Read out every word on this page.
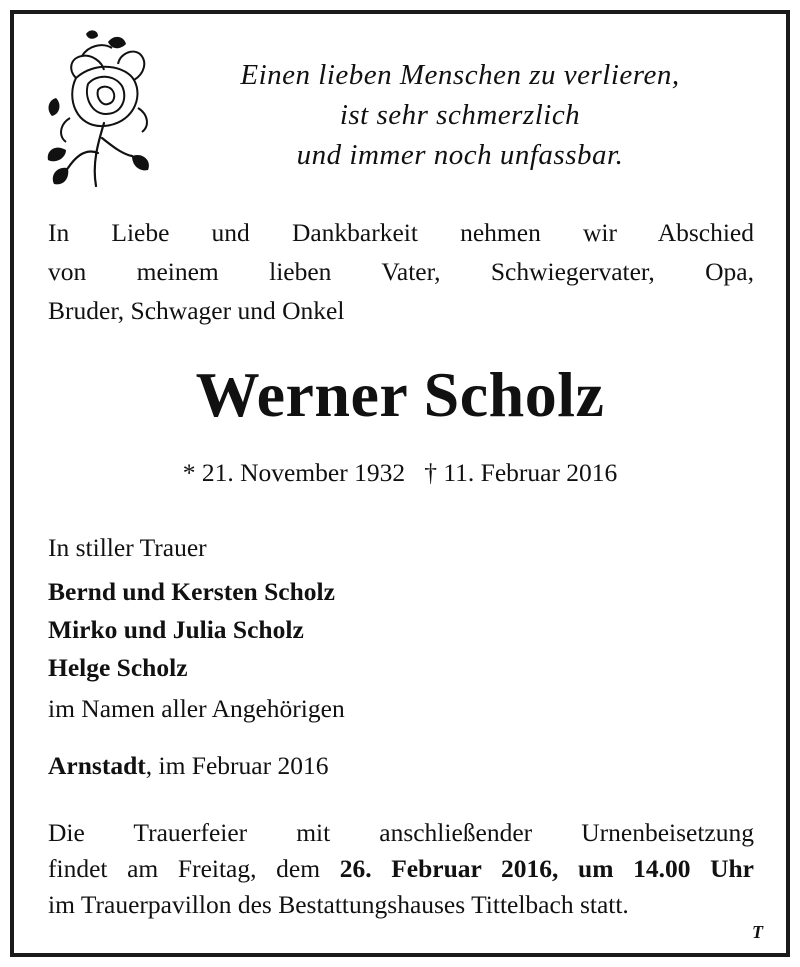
Einen lieben Menschen zu verlieren,
ist sehr schmerzlich
und immer noch unfassbar.
In Liebe und Dankbarkeit nehmen wir Abschied
von meinem lieben Vater, Schwiegervater, Opa,
Bruder, Schwager und Onkel
Werner Scholz
* 21. November 1932 † 11. Februar 2016
In stiller Trauer
Bernd und Kersten Scholz
Mirko und Julia Scholz
Helge Scholz
im Namen aller Angehörigen
Arnstadt, im Februar 2016
Die Trauerfeier mit anschließender Urnenbeisetzung
findet am Freitag, dem 26. Februar 2016, um 14.00 Uhr
im Trauerpavillon des Bestattungshauses Tittelbach statt.
T
